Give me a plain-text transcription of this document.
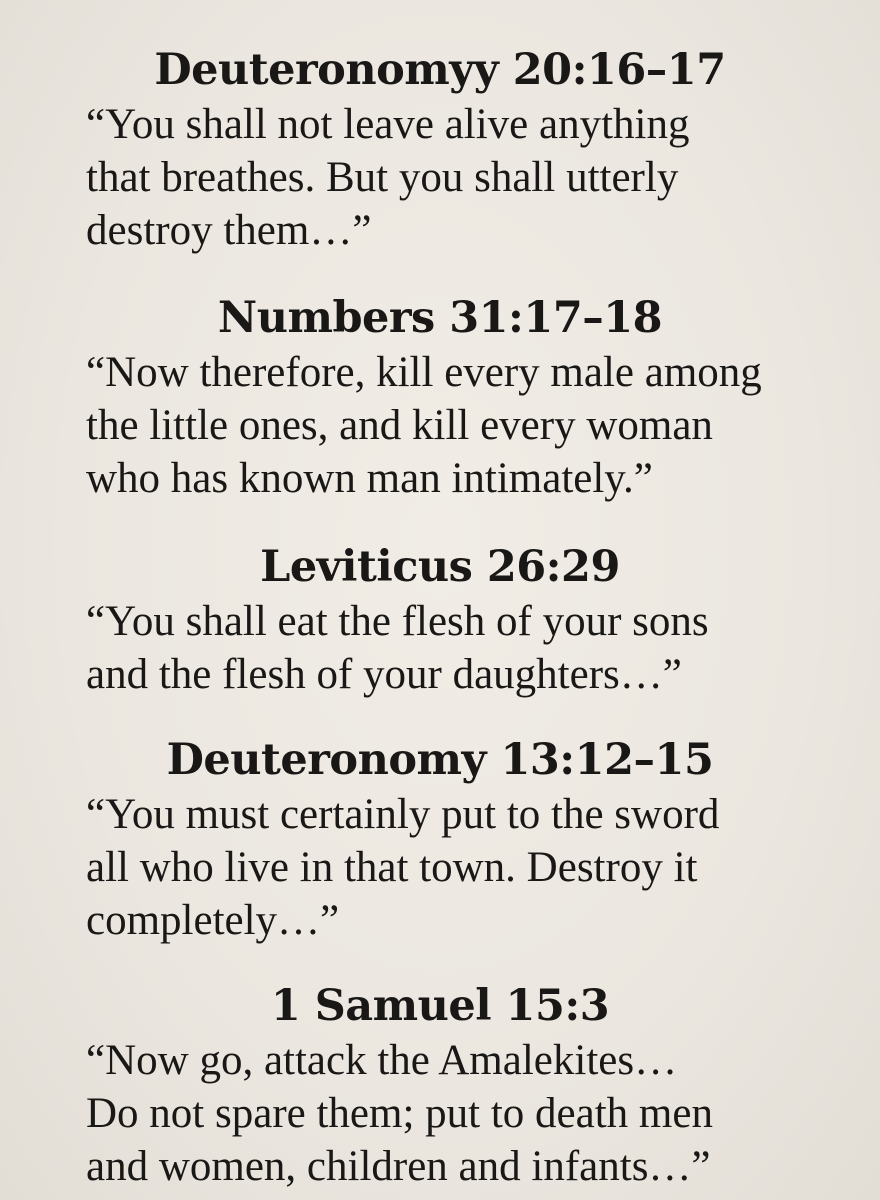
Deuteronomyy 20:16–17

“You shall not leave alive anything
that breathes. But you shall utterly
destroy them…”

Numbers 31:17–18

“Now therefore, kill every male among
the little ones, and kill every woman
who has known man intimately.”

Leviticus 26:29

“You shall eat the flesh of your sons
and the flesh of your daughters…”

Deuteronomy 13:12–15

“You must certainly put to the sword
all who live in that town. Destroy it
completely…”

1 Samuel 15:3

“Now go, attack the Amalekites…
Do not spare them; put to death men
and women, children and infants…”
